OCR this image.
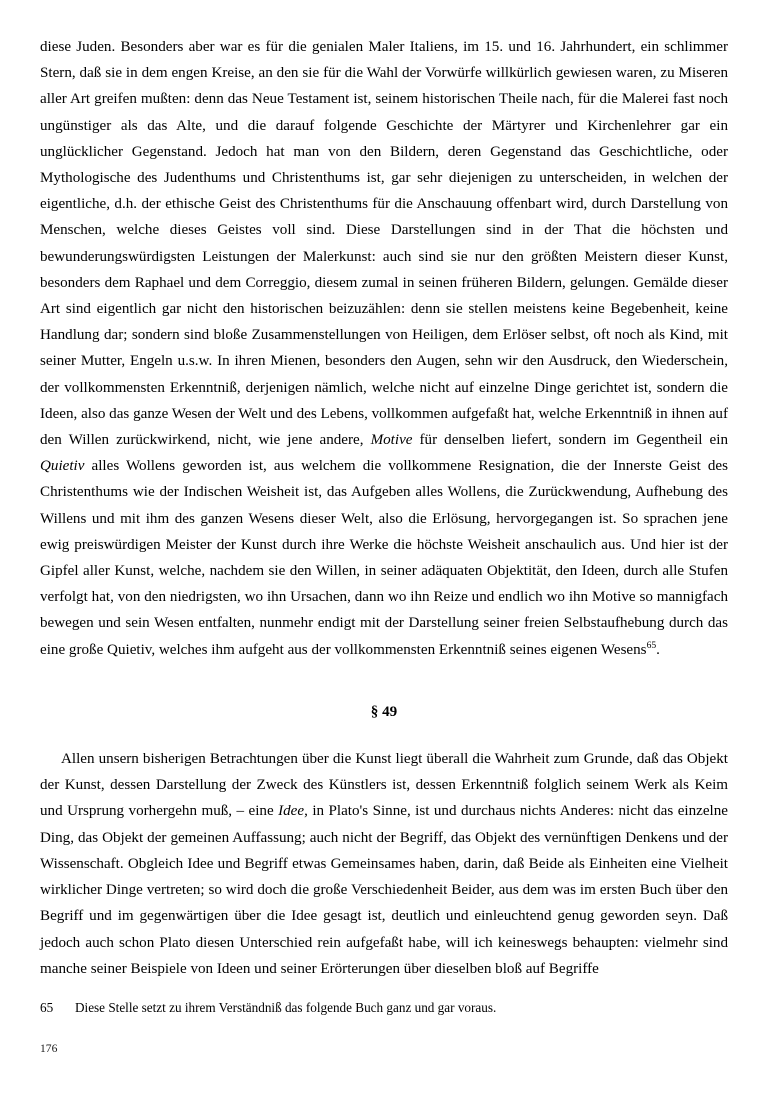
diese Juden. Besonders aber war es für die genialen Maler Italiens, im 15. und 16. Jahrhundert, ein schlimmer Stern, daß sie in dem engen Kreise, an den sie für die Wahl der Vorwürfe willkürlich gewiesen waren, zu Miseren aller Art greifen mußten: denn das Neue Testament ist, seinem historischen Theile nach, für die Malerei fast noch ungünstiger als das Alte, und die darauf folgende Geschichte der Märtyrer und Kirchenlehrer gar ein unglücklicher Gegenstand. Jedoch hat man von den Bildern, deren Gegenstand das Geschichtliche, oder Mythologische des Judenthums und Christenthums ist, gar sehr diejenigen zu unterscheiden, in welchen der eigentliche, d.h. der ethische Geist des Christenthums für die Anschauung offenbart wird, durch Darstellung von Menschen, welche dieses Geistes voll sind. Diese Darstellungen sind in der That die höchsten und bewunderungswürdigsten Leistungen der Malerkunst: auch sind sie nur den größten Meistern dieser Kunst, besonders dem Raphael und dem Correggio, diesem zumal in seinen früheren Bildern, gelungen. Gemälde dieser Art sind eigentlich gar nicht den historischen beizuzählen: denn sie stellen meistens keine Begebenheit, keine Handlung dar; sondern sind bloße Zusammenstellungen von Heiligen, dem Erlöser selbst, oft noch als Kind, mit seiner Mutter, Engeln u.s.w. In ihren Mienen, besonders den Augen, sehn wir den Ausdruck, den Wiederschein, der vollkommensten Erkenntniß, derjenigen nämlich, welche nicht auf einzelne Dinge gerichtet ist, sondern die Ideen, also das ganze Wesen der Welt und des Lebens, vollkommen aufgefaßt hat, welche Erkenntniß in ihnen auf den Willen zurückwirkend, nicht, wie jene andere, Motive für denselben liefert, sondern im Gegentheil ein Quietiv alles Wollens geworden ist, aus welchem die vollkommene Resignation, die der Innerste Geist des Christenthums wie der Indischen Weisheit ist, das Aufgeben alles Wollens, die Zurückwendung, Aufhebung des Willens und mit ihm des ganzen Wesens dieser Welt, also die Erlösung, hervorgegangen ist. So sprachen jene ewig preiswürdigen Meister der Kunst durch ihre Werke die höchste Weisheit anschaulich aus. Und hier ist der Gipfel aller Kunst, welche, nachdem sie den Willen, in seiner adäquaten Objektität, den Ideen, durch alle Stufen verfolgt hat, von den niedrigsten, wo ihn Ursachen, dann wo ihn Reize und endlich wo ihn Motive so mannigfach bewegen und sein Wesen entfalten, nunmehr endigt mit der Darstellung seiner freien Selbstaufhebung durch das eine große Quietiv, welches ihm aufgeht aus der vollkommensten Erkenntniß seines eigenen Wesens$^{65}$.

§ 49

Allen unsern bisherigen Betrachtungen über die Kunst liegt überall die Wahrheit zum Grunde, daß das Objekt der Kunst, dessen Darstellung der Zweck des Künstlers ist, dessen Erkenntniß folglich seinem Werk als Keim und Ursprung vorhergehn muß, – eine Idee, in Plato's Sinne, ist und durchaus nichts Anderes: nicht das einzelne Ding, das Objekt der gemeinen Auffassung; auch nicht der Begriff, das Objekt des vernünftigen Denkens und der Wissenschaft. Obgleich Idee und Begriff etwas Gemeinsames haben, darin, daß Beide als Einheiten eine Vielheit wirklicher Dinge vertreten; so wird doch die große Verschiedenheit Beider, aus dem was im ersten Buch über den Begriff und im gegenwärtigen über die Idee gesagt ist, deutlich und einleuchtend genug geworden seyn. Daß jedoch auch schon Plato diesen Unterschied rein aufgefaßt habe, will ich keineswegs behaupten: vielmehr sind manche seiner Beispiele von Ideen und seiner Erörterungen über dieselben bloß auf Begriffe

65	Diese Stelle setzt zu ihrem Verständniß das folgende Buch ganz und gar voraus.
176
